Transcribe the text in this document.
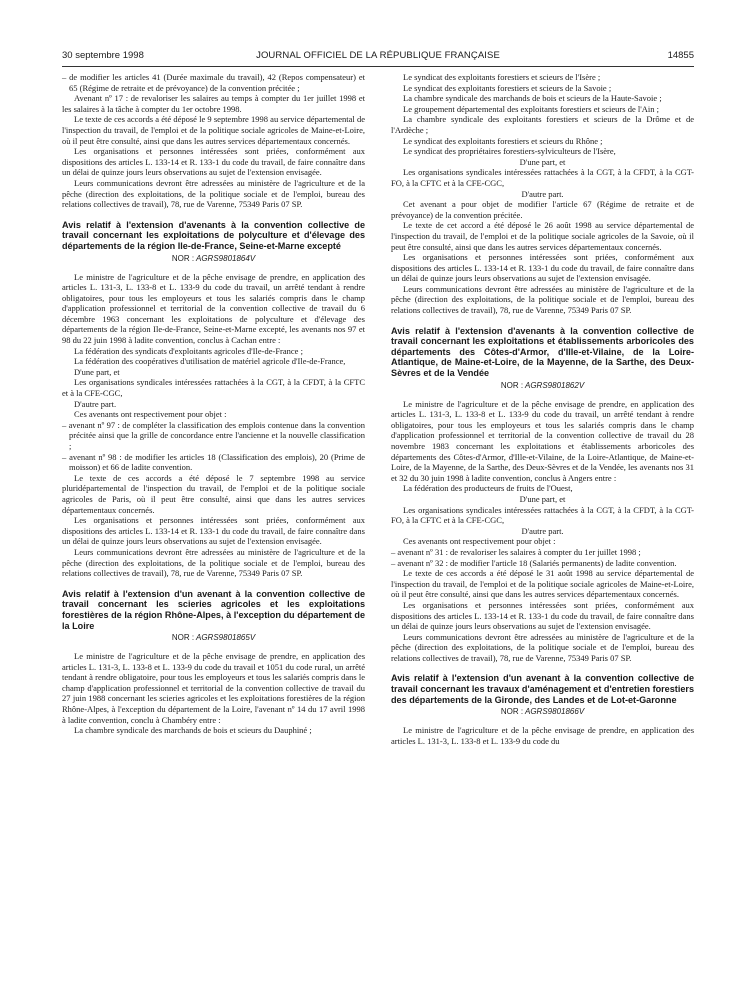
30 septembre 1998	JOURNAL OFFICIEL DE LA RÉPUBLIQUE FRANÇAISE	14855

– de modifier les articles 41 (Durée maximale du travail), 42 (Repos compensateur) et 65 (Régime de retraite et de prévoyance) de la convention précitée ;

Avenant nº 17 : de revaloriser les salaires au temps à compter du 1er juillet 1998 et les salaires à la tâche à compter du 1er octobre 1998.

Le texte de ces accords a été déposé le 9 septembre 1998 au service départemental de l'inspection du travail, de l'emploi et de la politique sociale agricoles de Maine-et-Loire, où il peut être consulté, ainsi que dans les autres services départementaux concernés.

Les organisations et personnes intéressées sont priées, conformément aux dispositions des articles L. 133-14 et R. 133-1 du code du travail, de faire connaître dans un délai de quinze jours leurs observations au sujet de l'extension envisagée.

Leurs communications devront être adressées au ministère de l'agriculture et de la pêche (direction des exploitations, de la politique sociale et de l'emploi, bureau des relations collectives de travail), 78, rue de Varenne, 75349 Paris 07 SP.

Avis relatif à l'extension d'avenants à la convention collective de travail concernant les exploitations de polyculture et d'élevage des départements de la région Ile-de-France, Seine-et-Marne excepté
NOR : AGRS9801864V

Le ministre de l'agriculture et de la pêche envisage de prendre, en application des articles L. 131-3, L. 133-8 et L. 133-9 du code du travail, un arrêté tendant à rendre obligatoires, pour tous les employeurs et tous les salariés compris dans le champ d'application professionnel et territorial de la convention collective de travail du 6 décembre 1963 concernant les exploitations de polyculture et d'élevage des départements de la région Ile-de-France, Seine-et-Marne excepté, les avenants nos 97 et 98 du 22 juin 1998 à ladite convention, conclus à Cachan entre :

La fédération des syndicats d'exploitants agricoles d'Ile-de-France ;

La fédération des coopératives d'utilisation de matériel agricole d'Ile-de-France,

D'une part, et

Les organisations syndicales intéressées rattachées à la CGT, à la CFDT, à la CFTC et à la CFE-CGC,

D'autre part.

Ces avenants ont respectivement pour objet :

– avenant nº 97 : de compléter la classification des emplois contenue dans la convention précitée ainsi que la grille de concordance entre l'ancienne et la nouvelle classification ;

– avenant nº 98 : de modifier les articles 18 (Classification des emplois), 20 (Prime de moisson) et 66 de ladite convention.

Le texte de ces accords a été déposé le 7 septembre 1998 au service pluridépartemental de l'inspection du travail, de l'emploi et de la politique sociale agricoles de Paris, où il peut être consulté, ainsi que dans les autres services départementaux concernés.

Les organisations et personnes intéressées sont priées, conformément aux dispositions des articles L. 133-14 et R. 133-1 du code du travail, de faire connaître dans un délai de quinze jours leurs observations au sujet de l'extension envisagée.

Leurs communications devront être adressées au ministère de l'agriculture et de la pêche (direction des exploitations, de la politique sociale et de l'emploi, bureau des relations collectives de travail), 78, rue de Varenne, 75349 Paris 07 SP.

Avis relatif à l'extension d'un avenant à la convention collective de travail concernant les scieries agricoles et les exploitations forestières de la région Rhône-Alpes, à l'exception du département de la Loire
NOR : AGRS9801865V

Le ministre de l'agriculture et de la pêche envisage de prendre, en application des articles L. 131-3, L. 133-8 et L. 133-9 du code du travail et 1051 du code rural, un arrêté tendant à rendre obligatoire, pour tous les employeurs et tous les salariés compris dans le champ d'application professionnel et territorial de la convention collective de travail du 27 juin 1988 concernant les scieries agricoles et les exploitations forestières de la région Rhône-Alpes, à l'exception du département de la Loire, l'avenant nº 14 du 17 avril 1998 à ladite convention, conclu à Chambéry entre :

La chambre syndicale des marchands de bois et scieurs du Dauphiné ;

Le syndicat des exploitants forestiers et scieurs de l'Isère ;

Le syndicat des exploitants forestiers et scieurs de la Savoie ;

La chambre syndicale des marchands de bois et scieurs de la Haute-Savoie ;

Le groupement départemental des exploitants forestiers et scieurs de l'Ain ;

La chambre syndicale des exploitants forestiers et scieurs de la Drôme et de l'Ardèche ;

Le syndicat des exploitants forestiers et scieurs du Rhône ;

Le syndicat des propriétaires forestiers-sylviculteurs de l'Isère,

D'une part, et

Les organisations syndicales intéressées rattachées à la CGT, à la CFDT, à la CGT-FO, à la CFTC et à la CFE-CGC,

D'autre part.

Cet avenant a pour objet de modifier l'article 67 (Régime de retraite et de prévoyance) de la convention précitée.

Le texte de cet accord a été déposé le 26 août 1998 au service départemental de l'inspection du travail, de l'emploi et de la politique sociale agricoles de la Savoie, où il peut être consulté, ainsi que dans les autres services départementaux concernés.

Les organisations et personnes intéressées sont priées, conformément aux dispositions des articles L. 133-14 et R. 133-1 du code du travail, de faire connaître dans un délai de quinze jours leurs observations au sujet de l'extension envisagée.

Leurs communications devront être adressées au ministère de l'agriculture et de la pêche (direction des exploitations, de la politique sociale et de l'emploi, bureau des relations collectives de travail), 78, rue de Varenne, 75349 Paris 07 SP.

Avis relatif à l'extension d'avenants à la convention collective de travail concernant les exploitations et établissements arboricoles des départements des Côtes-d'Armor, d'Ille-et-Vilaine, de la Loire-Atlantique, de Maine-et-Loire, de la Mayenne, de la Sarthe, des Deux-Sèvres et de la Vendée
NOR : AGRS9801862V

Le ministre de l'agriculture et de la pêche envisage de prendre, en application des articles L. 131-3, L. 133-8 et L. 133-9 du code du travail, un arrêté tendant à rendre obligatoires, pour tous les employeurs et tous les salariés compris dans le champ d'application professionnel et territorial de la convention collective de travail du 28 novembre 1983 concernant les exploitations et établissements arboricoles des départements des Côtes-d'Armor, d'Ille-et-Vilaine, de la Loire-Atlantique, de Maine-et-Loire, de la Mayenne, de la Sarthe, des Deux-Sèvres et de la Vendée, les avenants nos 31 et 32 du 30 juin 1998 à ladite convention, conclus à Angers entre :

La fédération des producteurs de fruits de l'Ouest,

D'une part, et

Les organisations syndicales intéressées rattachées à la CGT, à la CFDT, à la CGT-FO, à la CFTC et à la CFE-CGC,

D'autre part.

Ces avenants ont respectivement pour objet :

– avenant nº 31 : de revaloriser les salaires à compter du 1er juillet 1998 ;

– avenant nº 32 : de modifier l'article 18 (Salariés permanents) de ladite convention.

Le texte de ces accords a été déposé le 31 août 1998 au service départemental de l'inspection du travail, de l'emploi et de la politique sociale agricoles de Maine-et-Loire, où il peut être consulté, ainsi que dans les autres services départementaux concernés.

Les organisations et personnes intéressées sont priées, conformément aux dispositions des articles L. 133-14 et R. 133-1 du code du travail, de faire connaître dans un délai de quinze jours leurs observations au sujet de l'extension envisagée.

Leurs communications devront être adressées au ministère de l'agriculture et de la pêche (direction des exploitations, de la politique sociale et de l'emploi, bureau des relations collectives de travail), 78, rue de Varenne, 75349 Paris 07 SP.

Avis relatif à l'extension d'un avenant à la convention collective de travail concernant les travaux d'aménagement et d'entretien forestiers des départements de la Gironde, des Landes et de Lot-et-Garonne
NOR : AGRS9801866V

Le ministre de l'agriculture et de la pêche envisage de prendre, en application des articles L. 131-3, L. 133-8 et L. 133-9 du code du
